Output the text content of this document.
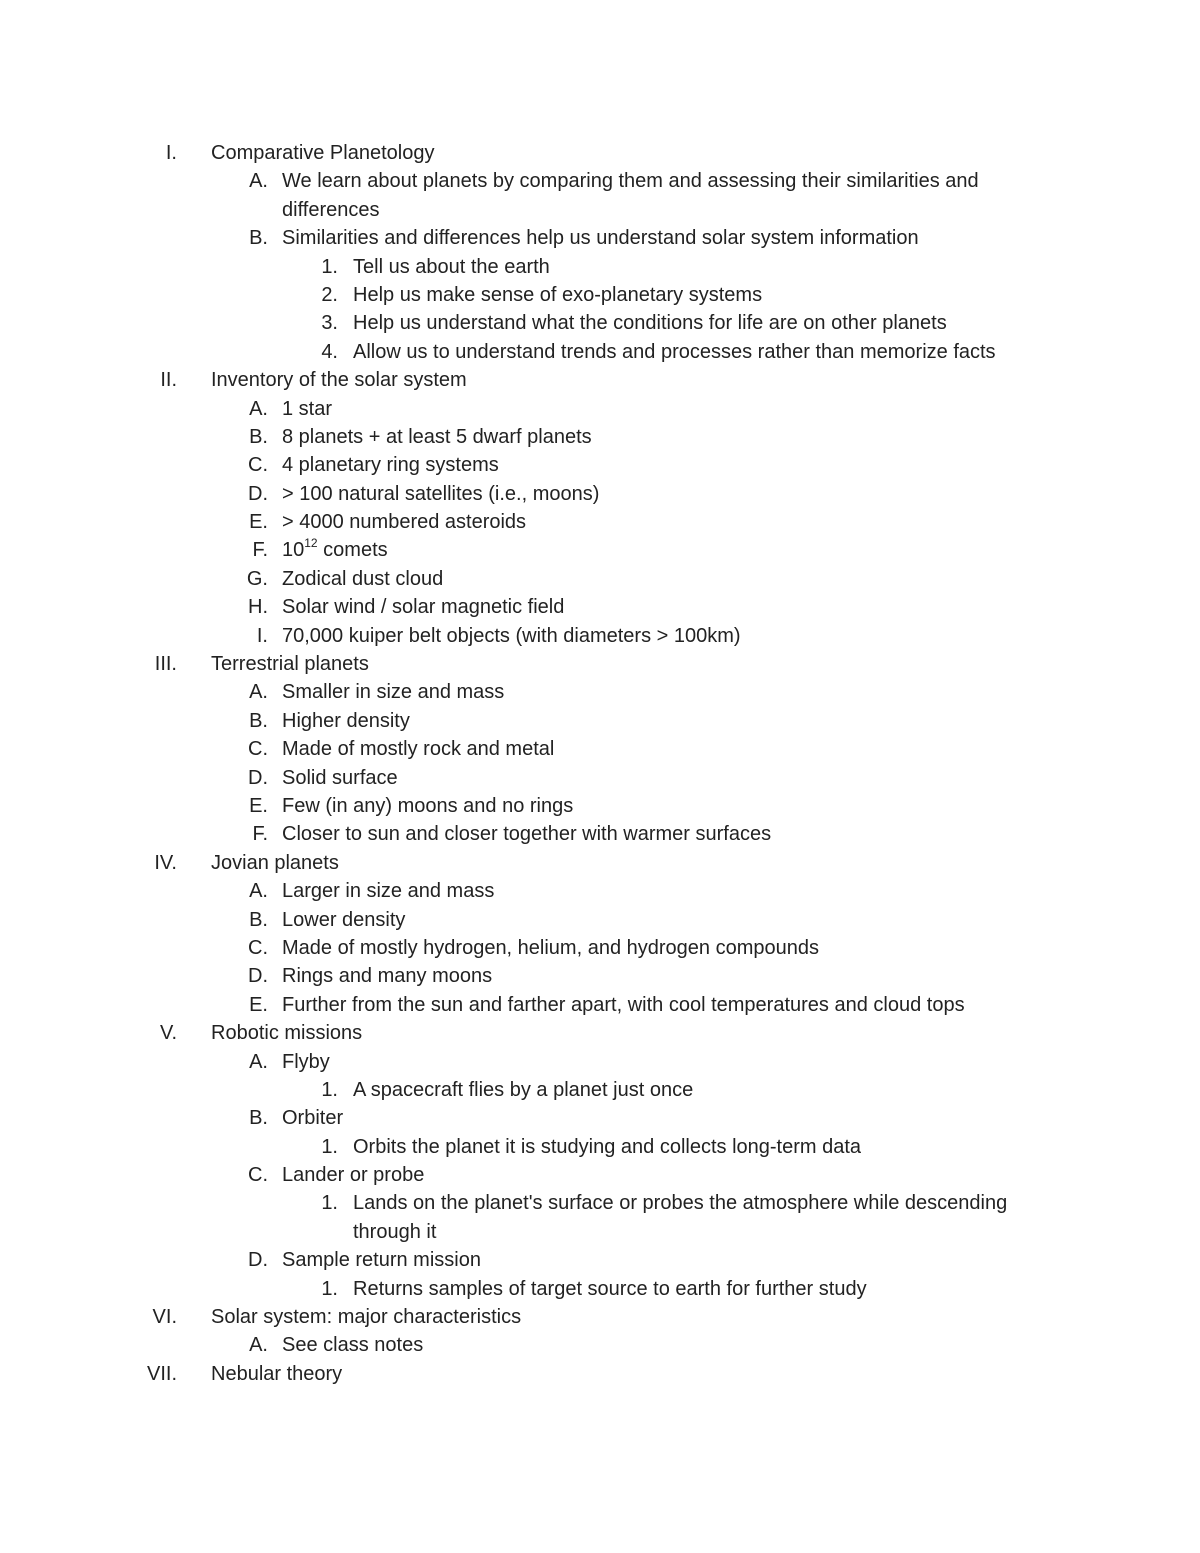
I. Comparative Planetology
A. We learn about planets by comparing them and assessing their similarities and
differences
B. Similarities and differences help us understand solar system information
1. Tell us about the earth
2. Help us make sense of exo-planetary systems
3. Help us understand what the conditions for life are on other planets
4. Allow us to understand trends and processes rather than memorize facts
II. Inventory of the solar system
A. 1 star
B. 8 planets + at least 5 dwarf planets
C. 4 planetary ring systems
D. > 100 natural satellites (i.e., moons)
E. > 4000 numbered asteroids
F. $10^{12}$ comets
G. Zodical dust cloud
H. Solar wind / solar magnetic field
I. 70,000 kuiper belt objects (with diameters > 100km)
III. Terrestrial planets
A. Smaller in size and mass
B. Higher density
C. Made of mostly rock and metal
D. Solid surface
E. Few (in any) moons and no rings
F. Closer to sun and closer together with warmer surfaces
IV. Jovian planets
A. Larger in size and mass
B. Lower density
C. Made of mostly hydrogen, helium, and hydrogen compounds
D. Rings and many moons
E. Further from the sun and farther apart, with cool temperatures and cloud tops
V. Robotic missions
A. Flyby
1. A spacecraft flies by a planet just once
B. Orbiter
1. Orbits the planet it is studying and collects long-term data
C. Lander or probe
1. Lands on the planet's surface or probes the atmosphere while descending
through it
D. Sample return mission
1. Returns samples of target source to earth for further study
VI. Solar system: major characteristics
A. See class notes
VII. Nebular theory
